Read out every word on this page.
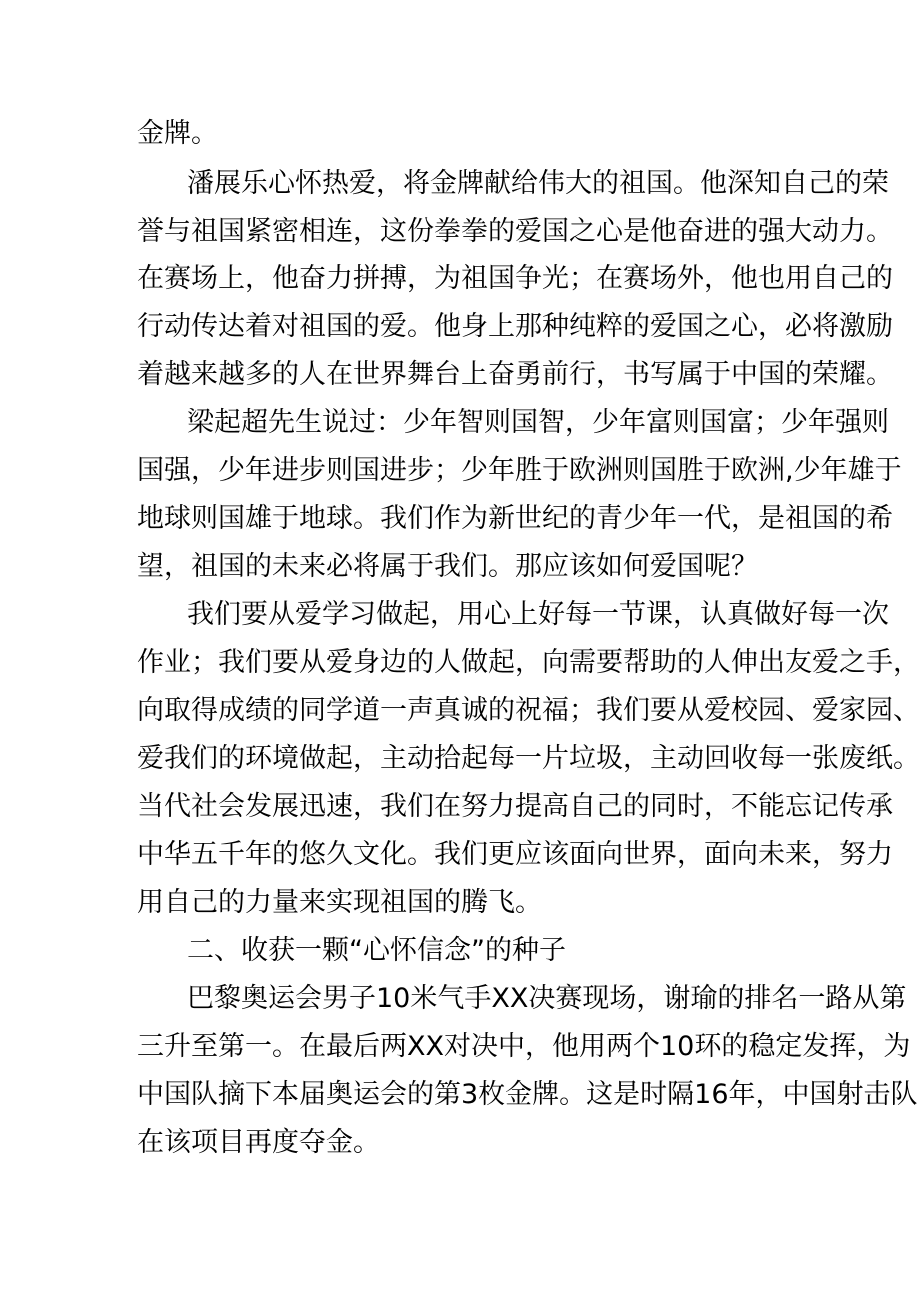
金牌。
潘展乐心怀热爱，将金牌献给伟大的祖国。他深知自己的荣
誉与祖国紧密相连，这份拳拳的爱国之心是他奋进的强大动力。
在赛场上，他奋力拼搏，为祖国争光；在赛场外，他也用自己的
行动传达着对祖国的爱。他身上那种纯粹的爱国之心，必将激励
着越来越多的人在世界舞台上奋勇前行，书写属于中国的荣耀。
梁起超先生说过：少年智则国智，少年富则国富；少年强则
国强，少年进步则国进步；少年胜于欧洲则国胜于欧洲,少年雄于
地球则国雄于地球。我们作为新世纪的青少年一代，是祖国的希
望，祖国的未来必将属于我们。那应该如何爱国呢？
我们要从爱学习做起，用心上好每一节课，认真做好每一次
作业；我们要从爱身边的人做起，向需要帮助的人伸出友爱之手，
向取得成绩的同学道一声真诚的祝福；我们要从爱校园、爱家园、
爱我们的环境做起，主动拾起每一片垃圾，主动回收每一张废纸。
当代社会发展迅速，我们在努力提高自己的同时，不能忘记传承
中华五千年的悠久文化。我们更应该面向世界，面向未来，努力
用自己的力量来实现祖国的腾飞。
二、收获一颗“心怀信念”的种子
巴黎奥运会男子10米气手XX决赛现场，谢瑜的排名一路从第
三升至第一。在最后两XX对决中，他用两个10环的稳定发挥，为
中国队摘下本届奥运会的第3枚金牌。这是时隔16年，中国射击队
在该项目再度夺金。
